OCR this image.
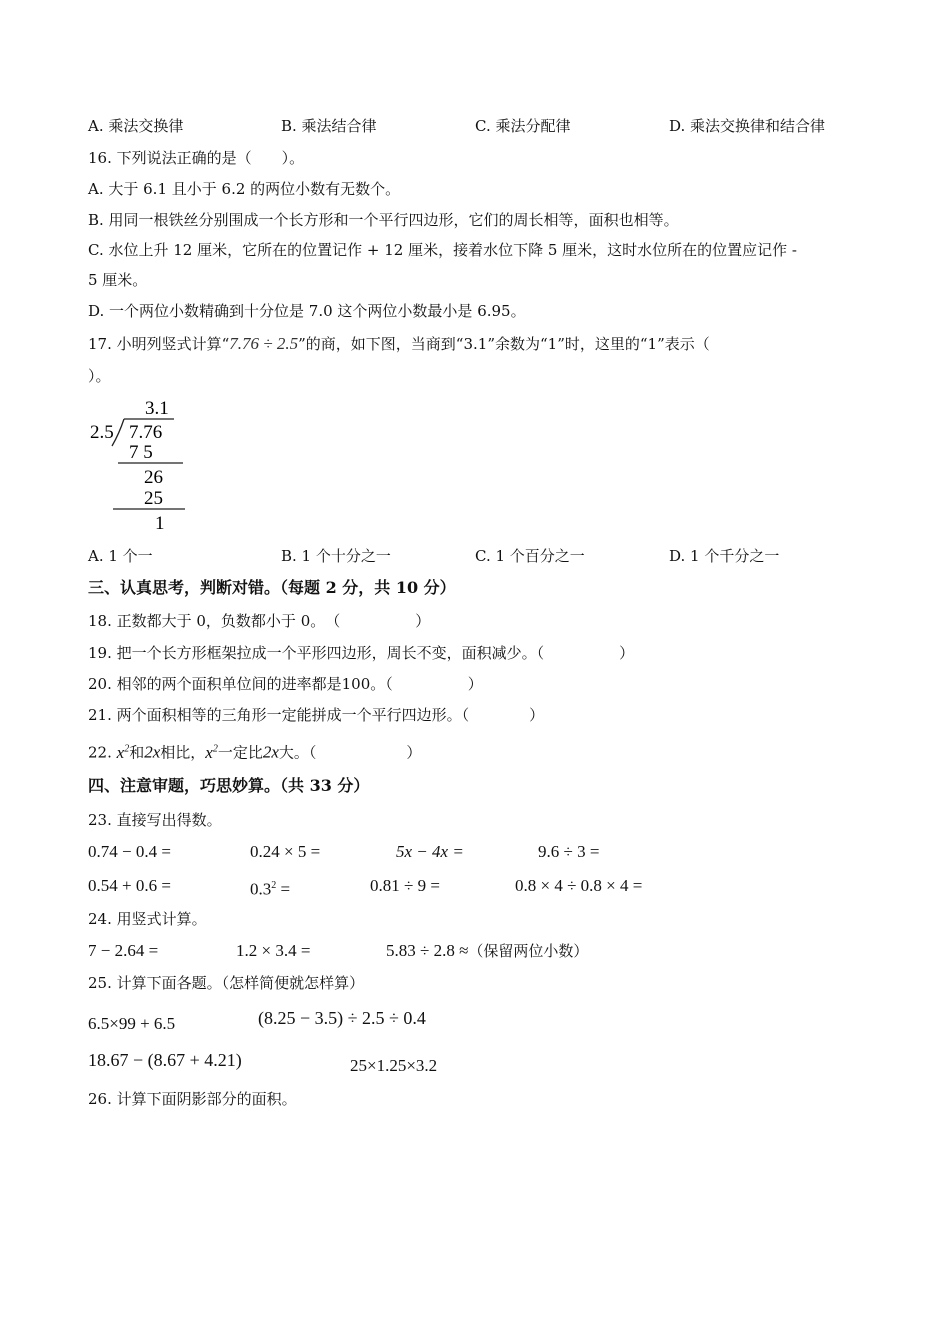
A. 乘法交换律	B. 乘法结合律	C. 乘法分配律	D. 乘法交换律和结合律
16. 下列说法正确的是（　　）。
A. 大于 6.1 且小于 6.2 的两位小数有无数个。
B. 用同一根铁丝分别围成一个长方形和一个平行四边形，它们的周长相等，面积也相等。
C. 水位上升 12 厘米，它所在的位置记作 + 12 厘米，接着水位下降 5 厘米，这时水位所在的位置应记作 -
5 厘米。
D. 一个两位小数精确到十分位是 7.0 这个两位小数最小是 6.95。
17. 小明列竖式计算“7.76 ÷ 2.5”的商，如下图，当商到“3.1”余数为“1”时，这里的“1”表示（
）。
3.1
2.5 7.76
7 5
26
25
1
A. 1 个一	B. 1 个十分之一	C. 1 个百分之一	D. 1 个千分之一
三、认真思考，判断对错。（每题 2 分，共 10 分）
18. 正数都大于 0，负数都小于 0。　（　　　　　）
19. 把一个长方形框架拉成一个平形四边形，周长不变，面积减少。（　　　　　）
20. 相邻的两个面积单位间的进率都是100。（　　　　　）
21. 两个面积相等的三角形一定能拼成一个平行四边形。（　　　　）
22. $x^2$和2x相比，$x^2$一定比2x大。（　　　　　　）
四、注意审题，巧思妙算。（共 33 分）
23. 直接写出得数。
0.74 − 0.4 =	0.24 × 5 =	5x − 4x =	9.6 ÷ 3 =
0.54 + 0.6 =	$0.3^2$ =	0.81 ÷ 9 =	0.8 × 4 ÷ 0.8 × 4 =
24. 用竖式计算。
7 − 2.64 =	1.2 × 3.4 =	5.83 ÷ 2.8 ≈（保留两位小数）
25. 计算下面各题。（怎样简便就怎样算）
6.5×99 + 6.5	(8.25 − 3.5) ÷ 2.5 ÷ 0.4
18.67 − (8.67 + 4.21)	25×1.25×3.2
26. 计算下面阴影部分的面积。
